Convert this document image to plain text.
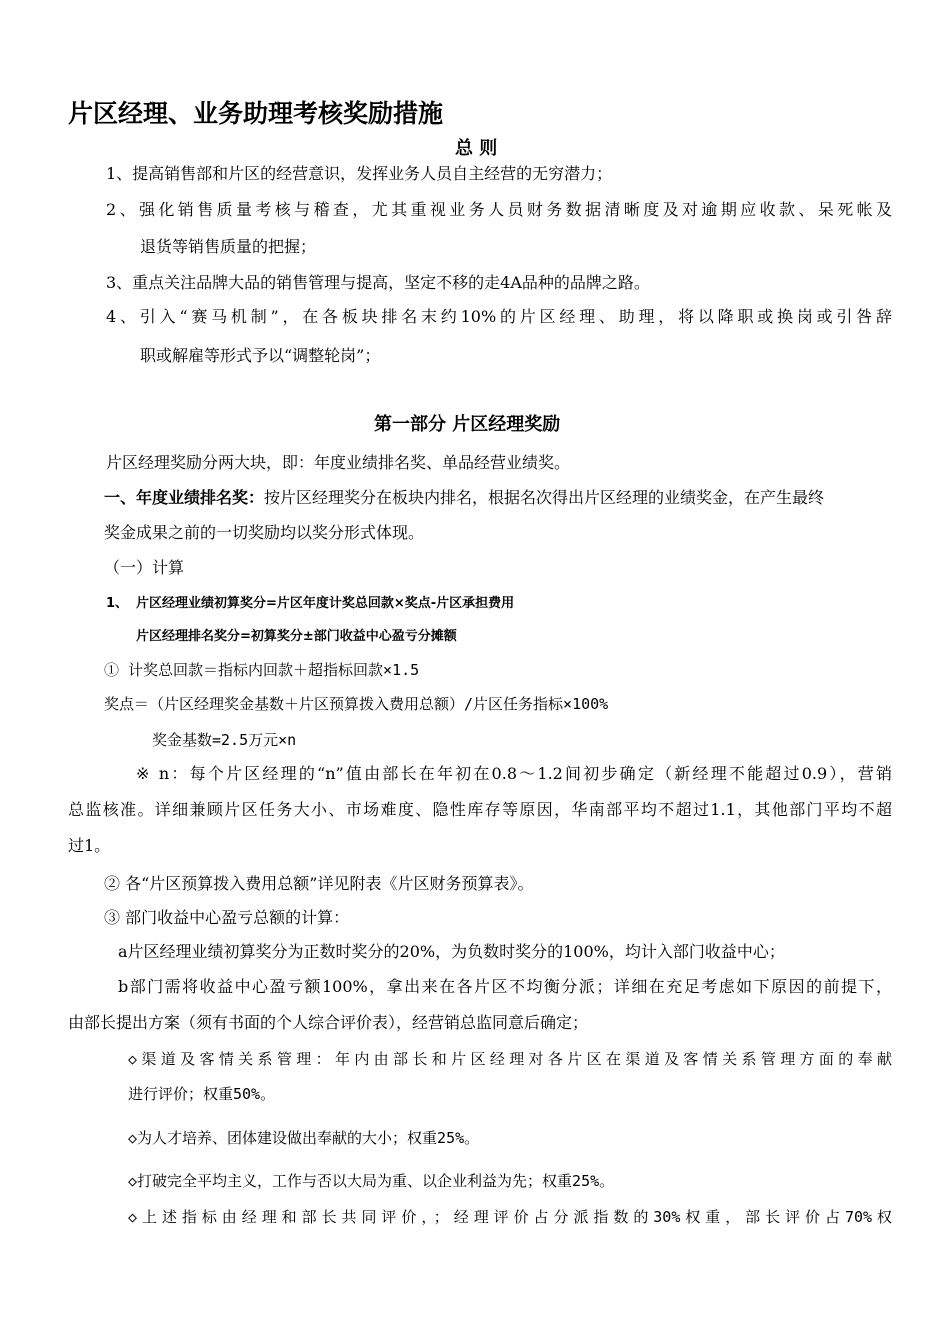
片区经理、业务助理考核奖励措施
总 则
1、提高销售部和片区的经营意识，发挥业务人员自主经营的无穷潜力；
2、强化销售质量考核与稽查，尤其重视业务人员财务数据清晰度及对逾期应收款、呆死帐及
退货等销售质量的把握；
3、重点关注品牌大品的销售管理与提高，坚定不移的走4A品种的品牌之路。
4、引入“赛马机制”，在各板块排名末约10%的片区经理、助理，将以降职或换岗或引咎辞
职或解雇等形式予以“调整轮岗”；
第一部分 片区经理奖励
片区经理奖励分两大块，即：年度业绩排名奖、单品经营业绩奖。
一、年度业绩排名奖：按片区经理奖分在板块内排名，根据名次得出片区经理的业绩奖金，在产生最终
奖金成果之前的一切奖励均以奖分形式体现。
（一）计算
1、 片区经理业绩初算奖分=片区年度计奖总回款×奖点-片区承担费用
片区经理排名奖分=初算奖分±部门收益中心盈亏分摊额
① 计奖总回款＝指标内回款＋超指标回款×1.5
奖点＝（片区经理奖金基数＋片区预算拨入费用总额）/片区任务指标×100%
奖金基数=2.5万元×n
※ n：每个片区经理的“n”值由部长在年初在0.8～1.2间初步确定（新经理不能超过0.9），营销
总监核准。详细兼顾片区任务大小、市场难度、隐性库存等原因，华南部平均不超过1.1，其他部门平均不超
过1。
② 各“片区预算拨入费用总额”详见附表《片区财务预算表》。
③ 部门收益中心盈亏总额的计算：
a片区经理业绩初算奖分为正数时奖分的20%，为负数时奖分的100%，均计入部门收益中心；
b部门需将收益中心盈亏额100%，拿出来在各片区不均衡分派；详细在充足考虑如下原因的前提下，
由部长提出方案（须有书面的个人综合评价表），经营销总监同意后确定；
◇渠道及客情关系管理：年内由部长和片区经理对各片区在渠道及客情关系管理方面的奉献
进行评价；权重50%。
◇为人才培养、团体建设做出奉献的大小；权重25%。
◇打破完全平均主义，工作与否以大局为重、以企业利益为先；权重25%。
◇上述指标由经理和部长共同评价，；经理评价占分派指数的30%权重，部长评价占70%权
